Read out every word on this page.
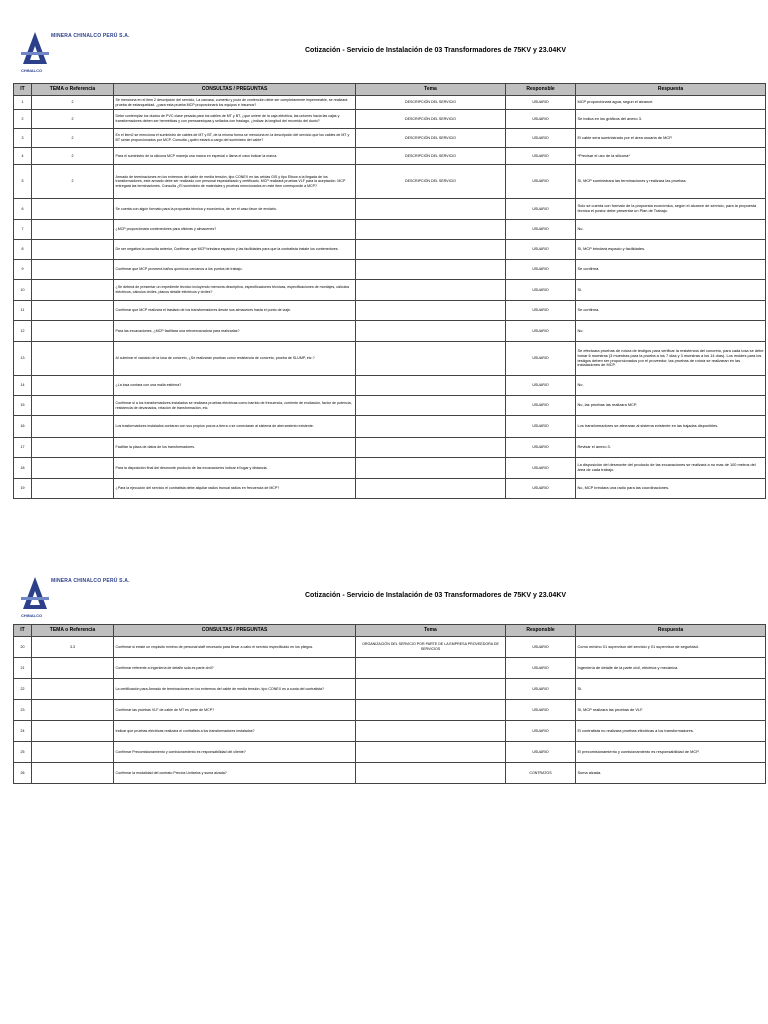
MINERA CHINALCO PERÚ S.A.
CHINALCO
Cotización - Servicio de Instalación de 03 Transformadores de 75KV y 23.04KV
IT	TEMA o Referencia	CONSULTAS / PREGUNTAS	Tema	Responsble	Respuesta
1	2	Se menciona en el item 2 descripción del servicio, La carcasa, cumento y pozo de contención debe ser completamente impermeable, se realizará prueba de estanqueidad. ¿para esta prueba MCP proporcionará los equipos e insumos?	DESCRIPCIÓN DEL SERVICIO	USUARIO	MCP proporcionará agua, según el alcance.
2	2	Debe contemplar los ductos de PVC clase pesada para los cables de MT y BT, ¿que uniere de la caja eléctrica, las uniones hacia las cajas y transformadores deben ser herméticas y con prensaestopas y sellados con fraslago, ¿indicar la longitud del recorrido del ducto?	DESCRIPCIÓN DEL SERVICIO	USUARIO	Se indica en los gráficos del anexo 3.
3	2	En el item2 se menciona el suministro de cables de MT y BT, de la misma forma se menciona en la descripción del servicio que los cables de MT y BT serán proporcionados por MCP. Consulta ¿quién estará a cargo del suministro del cable?	DESCRIPCIÓN DEL SERVICIO	USUARIO	El cable sera suministrado por el área usuaria de MCP.
4	2	Para el suministro de la silicona MCP maneja una marca en especial o llama el caso indicar la marca.	DESCRIPCIÓN DEL SERVICIO	USUARIO	*Precisar el uso de la silicona*
5	2	Armado de terminaciones en los extremos del cable de media tensión, tipo CONEX en las celdas GIS y tipo Elbow a la llegada de los transformadores, este armado debe ser realizado con personal especializado y certificado, MCP realizará pruebas VLF para la aceptación. MCP entregará las terminaciones. Consulta ¿El suministro de materiales y pruebas mencionados en este item corresponde a MCP?	DESCRIPCIÓN DEL SERVICIO	USUARIO	Si, MCP suministrara las terminaciones y realizara las pruebas.
6		Se cuenta con algún formato para la propuesta técnica y económica, de ser el caso favor de enviarlo.		USUARIO	Solo se cuenta con formato de la propuesta económica, según el alcance de servicio, para la propuesta técnica el postor debe presentar un Plan de Trabajo.
7		¿MCP proporcionara contenedores para oficinas y almacenes?		USUARIO	No.
8		De ser negativa la consulta anterior, Confirmar que MCP brindara espacios y las facilidades para que la contratista instale los contenedores.		USUARIO	Si, MCP brindará espacio y facilidades.
9		Confirmar que MCP proveerá baños químicos cercanos a los puntos de trabajo.		USUARIO	Se confirma.
10		¿Se deberá de presentar un expediente técnico incluyendo memoria descriptiva, especificaciones técnicas, especificaciones de montajes, cálculos eléctricos, cálculos civiles, planos detalle eléctricos y civiles?		USUARIO	Si.
11		Confirmar que MCP realizara el traslado de los transformadores desde sus almacenes hasta el punto de izaje.		USUARIO	Se confirma.
12		Para las excavaciones, ¿MCP facilitara una retroexcavadora para realizarlas?		USUARIO	No.
13		Al culminar el vaciado de la losa de concreto, ¿Se realizarán pruebas como resistencia de concreto, prueba de SLUMP, etc.?		USUARIO	Se efectuara pruebas de rotura de testigos para verificar la resistencia del concreto, para cada losa se debe tomar 6 muestras (3 muestras para la prueba a los 7 días y 3 muestras a los 14 días). Los moldes para los testigos deben ser proporcionados por el proveedor, las pruebas de rotura se realizaran en las instalaciones de MCP.
14		¿La losa contara con una malla estirima?		USUARIO	No.
15		Confirmar si a los transformadores instalados se realizara pruebas eléctricas como barrido de frecuencia, corriente de excitación, factor de potencia, resistencia de devanados, relación de transformación, etc.		USUARIO	No, las pruebas las realizara MCP.
16		Los trasformadores instalados contaran con sus propios pozos a tierra o se conectaran al sistema de aterramiento existente.		USUARIO	Los transformadores se aterraran al sistema existente en las bajadas disponibles.
17		Facilitar la placa de datos de los transformadores.		USUARIO	Revisar el anexo 3.
18		Para la disposición final del desmonte producto de las excavaciones indicar el lugar y distancia.		USUARIO	La disposición del desmonte del producto de las excavaciones se realizará a no mas de 100 metros del área de cada trabajo.
19		¿Para la ejecución del servicio el contratista debe alquilar radios trunual radios en frecuencia de MCP?		USUARIO	No, MCP brindara una radio para las coordinaciones.
MINERA CHINALCO PERÚ S.A.
CHINALCO
Cotización - Servicio de Instalación de 03 Transformadores de 75KV y 23.04KV
IT	TEMA o Referencia	CONSULTAS / PREGUNTAS	Tema	Responsble	Respuesta
20	3.3	Confirmar si existe un requisito mínimo de personal staff necesario para llevar a cabo el servicio especificado en los pliegos.	ORGANIZACIÓN DEL SERVICIO POR PARTE DE LA EMPRESA PROVEEDORA DE SERVICIOS	USUARIO	Como mínimo 01 supervisor del servicio y 01 supervisor de seguridad.
21		Confirmar referente a ingeniería de detalle sola es parte civil?		USUARIO	Ingeniería de detalle de la parte civil, eléctrica y mecánica.
22		La certificación para Armado de terminaciones en los extremos del cable de media tensión, tipo CONEX es a cuota del contratista?		USUARIO	Si.
23		Confirmar las pruebas VLF de cable de MT es parte de MCP?		USUARIO	Si, MCP realizara las pruebas de VLF.
24		Indicar que pruebas eléctricas realizara el contratista a los transformadores instalados?		USUARIO	El contratista no realizara pruebas eléctricas a los transformadores.
25		Confirmar Precomisionamiento y comisionamiento es responsabilidad del cliente?		USUARIO	El precomisionamiento y comisionamiento es responsabilidad de MCP.
26		Confirmar la modalidad del contrato Precios Unitarios y suma alzada?		CONTRATOS	Suma alzada.
